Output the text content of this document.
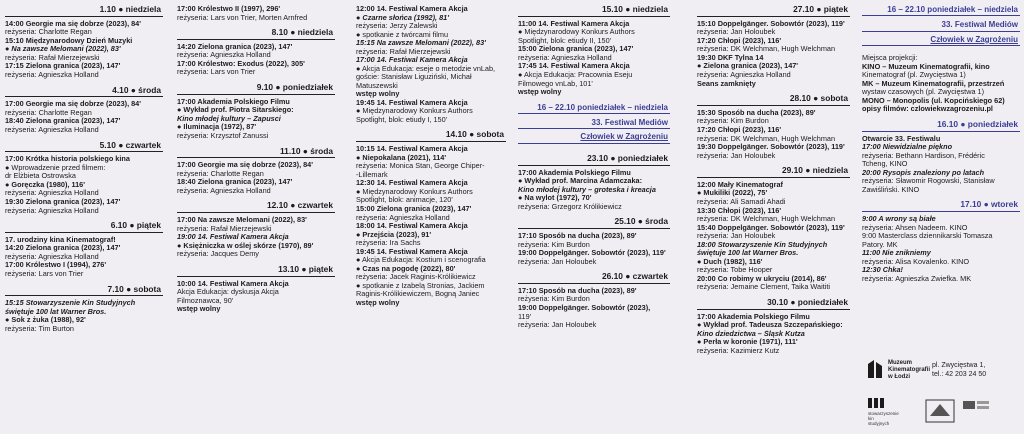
1.10 ● niedziela
14:00 Georgie ma się dobrze (2023), 84'
reżyseria: Charlotte Regan
15:10 Międzynarodowy Dzień Muzyki
● Na zawsze Melomani (2022), 83'
reżyseria: Rafał Mierzejewski
17:15 Zielona granica (2023), 147'
reżyseria: Agnieszka Holland
4.10 ● środa
17:00 Georgie ma się dobrze (2023), 84'
reżyseria: Charlotte Regan
18:40 Zielona granica (2023), 147'
reżyseria: Agnieszka Holland
5.10 ● czwartek
17:00 Krótka historia polskiego kina
● Wprowadzenie przed filmem:
dr Elżbieta Ostrowska
● Goręczka (1980), 116'
reżyseria: Agnieszka Holland
19:30 Zielona granica (2023), 147'
reżyseria: Agnieszka Holland
6.10 ● piątek
17. urodziny kina Kinematograf!
14:20 Zielona granica (2023), 147'
reżyseria: Agnieszka Holland
17:00 Królestwo I (1994), 276'
reżyseria: Lars von Trier
7.10 ● sobota
15:15 Stowarzyszenie Kin Studyjnych
świętuje 100 lat Warner Bros.
● Sok z żuka (1988), 92'
reżyseria: Tim Burton
17:00 Królestwo II (1997), 296'
reżyseria: Lars von Trier, Morten Arnfred
8.10 ● niedziela
14:20 Zielona granica (2023), 147'
reżyseria: Agnieszka Holland
17:00 Królestwo: Exodus (2022), 305'
reżyseria: Lars von Trier
9.10 ● poniedziałek
17:00 Akademia Polskiego Filmu
● Wykład prof. Piotra Sitarskiego:
Kino młodej kultury – Zapusci
● Iluminacja (1972), 87'
reżyseria: Krzysztof Zanussi
11.10 ● środa
17:00 Georgie ma się dobrze (2023), 84'
reżyseria: Charlotte Regan
18:40 Zielona granica (2023), 147'
reżyseria: Agnieszka Holland
12.10 ● czwartek
17:00 Na zawsze Melomani (2022), 83'
reżyseria: Rafał Mierzejewski
19:00 14. Festiwal Kamera Akcja
● Księżniczka w oślej skórze (1970), 89'
reżyseria: Jacques Demy
13.10 ● piątek
10:00 14. Festiwal Kamera Akcja
Akcja Edukacja: dyskusja Akcja
Filmoznawca, 90'
wstęp wolny
12:00 14. Festiwal Kamera Akcja
● Czarne słońca (1992), 81'
reżyseria: Jerzy Zalewski
● spotkanie z twórcami filmu
15:15 Na zawsze Melomani (2022), 83'
reżyseria: Rafał Mierzejewski
17:00 14. Festiwal Kamera Akcja
● Akcja Edukacja: eseje o metodzie vnLab,
goście: Stanisław Liguziński, Michał
Matuszewski
wstęp wolny
19:45 14. Festiwal Kamera Akcja
● Międzynarodowy Konkurs Authors
Spotlight, blok: etiudy I, 150'
14.10 ● sobota
10:15 14. Festiwal Kamera Akcja
● Niepokalana (2021), 114'
reżyseria: Monica Stan, George Chiper-
-Lillemark
12:30 14. Festiwal Kamera Akcja
● Międzynarodowy Konkurs Authors
Spotlight, blok: animacje, 120'
15:00 Zielona granica (2023), 147'
reżyseria: Agnieszka Holland
18:00 14. Festiwal Kamera Akcja
● Przejścia (2023), 91'
reżyseria: Ira Sachs
19:45 14. Festiwal Kamera Akcja
● Akcja Edukacja: Kostium i scenografia
● Czas na pogodę (2022), 80'
reżyseria: Jacek Raginis-Królikiewicz
● spotkanie z Izabelą Stronias, Jackiem
Raginis-Królikiewiczem, Bogną Janiec
wstęp wolny
15.10 ● niedziela
11:00 14. Festiwal Kamera Akcja
● Międzynarodowy Konkurs Authors
Spotlight, blok: etiudy II, 150'
15:00 Zielona granica (2023), 147'
reżyseria: Agnieszka Holland
17:45 14. Festiwal Kamera Akcja
● Akcja Edukacja: Pracownia Eseju
Filmowego vnLab, 101'
wstęp wolny
16 – 22.10 poniedziałek – niedziela
33. Festiwal Mediów
Człowiek w Zagrożeniu
23.10 ● poniedziałek
17:00 Akademia Polskiego Filmu
● Wykład prof. Marcina Adamczaka:
Kino młodej kultury – groteska i kreacja
● Na wylot (1972), 70'
reżyseria: Grzegorz Królikiewicz
25.10 ● środa
17:10 Sposób na ducha (2023), 89'
reżyseria: Kim Burdon
19:00 Doppelgänger. Sobowtór (2023), 119'
reżyseria: Jan Holoubek
26.10 ● czwartek
17:10 Sposób na ducha (2023), 89'
reżyseria: Kim Burdon
19:00 Doppelgänger. Sobowtór (2023),
119'
reżyseria: Jan Holoubek
27.10 ● piątek
15:10 Doppelgänger. Sobowtór (2023), 119'
reżyseria: Jan Holoubek
17:20 Chłopi (2023), 116'
reżyseria: DK Welchman, Hugh Welchman
19:30 DKF Tylna 14
● Zielona granica (2023), 147'
reżyseria: Agnieszka Holland
Seans zamknięty
28.10 ● sobota
15:30 Sposób na ducha (2023), 89'
reżyseria: Kim Burdon
17:20 Chłopi (2023), 116'
reżyseria: DK Welchman, Hugh Welchman
19:30 Doppelgänger. Sobowtór (2023), 119'
reżyseria: Jan Holoubek
29.10 ● niedziela
12:00 Mały Kinematograf
● Mukiliki (2022), 75'
reżyseria: Ali Samadi Ahadi
13:30 Chłopi (2023), 116'
reżyseria: DK Welchman, Hugh Welchman
15:40 Doppelgänger. Sobowtór (2023), 119'
reżyseria: Jan Holoubek
18:00 Stowarzyszenie Kin Studyjnych
świętuje 100 lat Warner Bros.
● Duch (1982), 116'
reżyseria: Tobe Hooper
20:00 Co robimy w ukryciu (2014), 86'
reżyseria: Jemaine Clement, Taika Waititi
30.10 ● poniedziałek
17:00 Akademia Polskiego Filmu
● Wykład prof. Tadeusza Szczepańskiego:
Kino dziedzictwa – Śląsk Kutza
● Perła w koronie (1971), 111'
reżyseria: Kazimierz Kutz
16 – 22.10 poniedziałek – niedziela
33. Festiwal Mediów
Człowiek w Zagrożeniu
Miejsca projekcji:
KINO – Muzeum Kinematografii, kino
Kinematograf (pl. Zwycięstwa 1)
MK – Muzeum Kinematografii, przestrzeń
wystaw czasowych (pl. Zwycięstwa 1)
MONO – Monopolis (ul. Kopcińskiego 62)
opisy filmów: czlowiekwzagrozeniu.pl
16.10 ● poniedziałek
Otwarcie 33. Festiwalu
17:00 Niewidzialne piękno
reżyseria: Bethann Hardison, Frédéric
Tcheng, KINO
20:00 Rysopis znaleziony po latach
reżyseria: Sławomir Rogowski, Stanisław
Zawiśliński. KINO
17.10 ● wtorek
9:00 A wrony są białe
reżyseria: Ahsen Nadeem. KINO
9:00 Masterclass dziennikarski Tomasza
Patory. MK
11:00 Nie znikniemy
reżyseria: Alisa Kovalenko. KINO
12:30 Chka!
reżyseria: Agnieszka Zwiefka. MK
Muzeum
Kinematografii
w Łodzi
pl. Zwycięstwa 1,
tel.: 42 203 24 50
stowarzyszenie
kin
studyjnych
